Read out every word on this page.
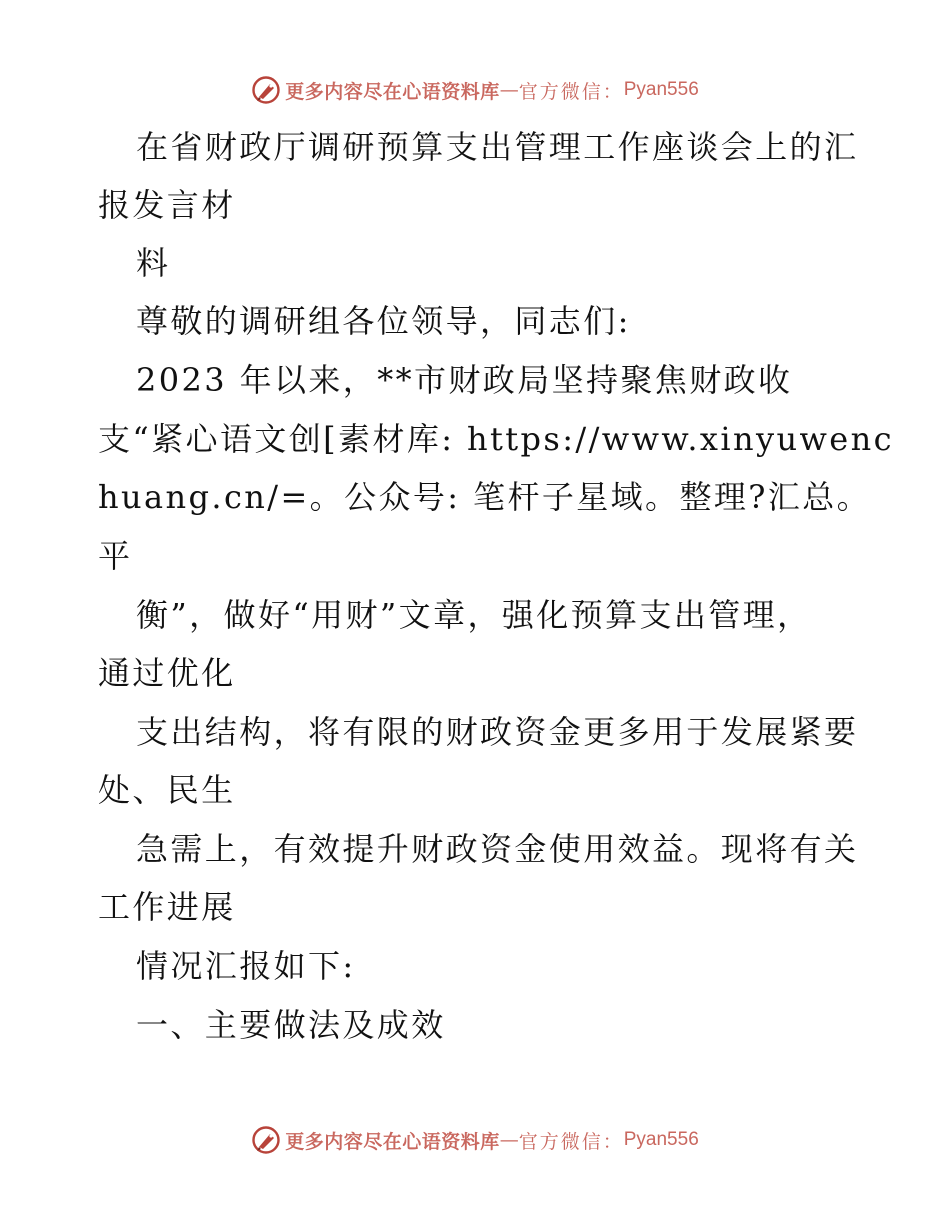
更多内容尽在心语资料库 — 官方微信： Pyan556
在省财政厅调研预算支出管理工作座谈会上的汇
报发言材
料
尊敬的调研组各位领导，同志们:
2023 年以来，**市财政局坚持聚焦财政收
支“紧心语文创[素材库: https://www.xinyuwenc
huang.cn/=。公众号: 笔杆子星域。整理?汇总。
平
衡”，做好“用财”文章，强化预算支出管理，
通过优化
支出结构，将有限的财政资金更多用于发展紧要
处、民生
急需上，有效提升财政资金使用效益。现将有关
工作进展
情况汇报如下:
一、主要做法及成效
更多内容尽在心语资料库 — 官方微信： Pyan556
